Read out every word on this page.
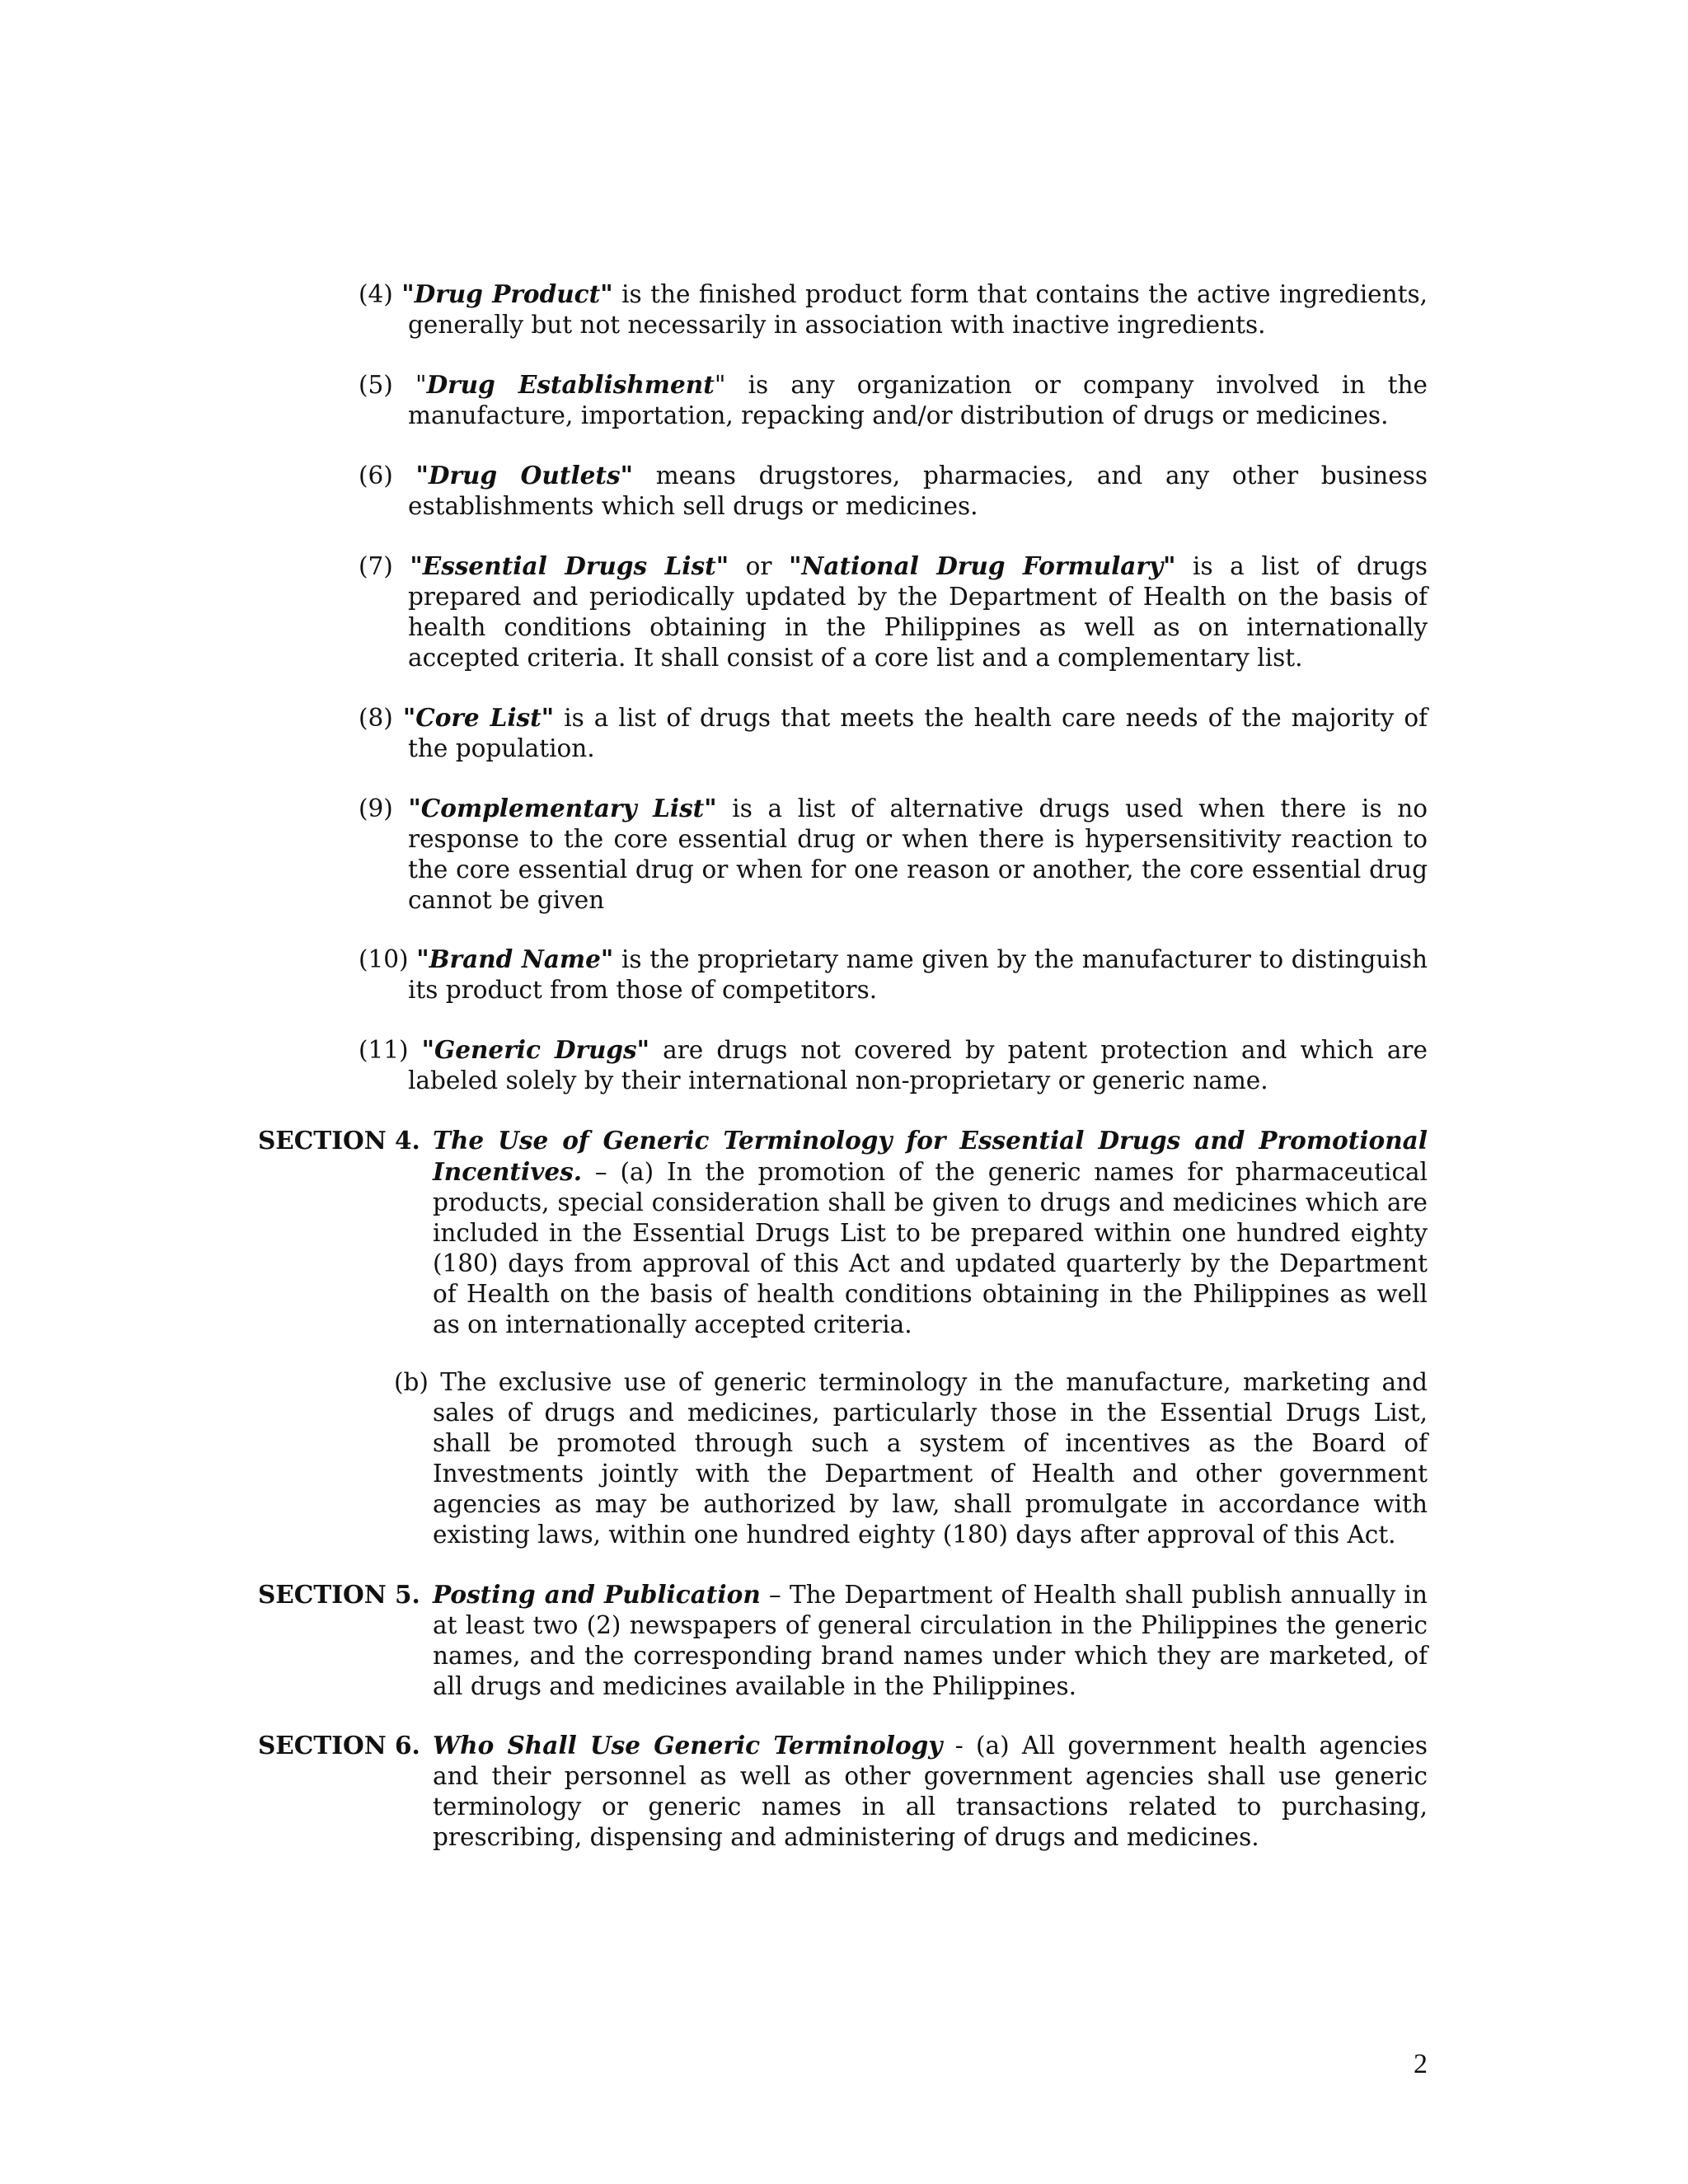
(4) "Drug Product" is the finished product form that contains the active ingredients, generally but not necessarily in association with inactive ingredients.
(5) "Drug Establishment" is any organization or company involved in the manufacture, importation, repacking and/or distribution of drugs or medicines.
(6) "Drug Outlets" means drugstores, pharmacies, and any other business establishments which sell drugs or medicines.
(7) "Essential Drugs List" or "National Drug Formulary" is a list of drugs prepared and periodically updated by the Department of Health on the basis of health conditions obtaining in the Philippines as well as on internationally accepted criteria. It shall consist of a core list and a complementary list.
(8) "Core List" is a list of drugs that meets the health care needs of the majority of the population.
(9) "Complementary List" is a list of alternative drugs used when there is no response to the core essential drug or when there is hypersensitivity reaction to the core essential drug or when for one reason or another, the core essential drug cannot be given
(10) "Brand Name" is the proprietary name given by the manufacturer to distinguish its product from those of competitors.
(11) "Generic Drugs" are drugs not covered by patent protection and which are labeled solely by their international non-proprietary or generic name.
SECTION 4. The Use of Generic Terminology for Essential Drugs and Promotional Incentives. – (a) In the promotion of the generic names for pharmaceutical products, special consideration shall be given to drugs and medicines which are included in the Essential Drugs List to be prepared within one hundred eighty (180) days from approval of this Act and updated quarterly by the Department of Health on the basis of health conditions obtaining in the Philippines as well as on internationally accepted criteria.
(b) The exclusive use of generic terminology in the manufacture, marketing and sales of drugs and medicines, particularly those in the Essential Drugs List, shall be promoted through such a system of incentives as the Board of Investments jointly with the Department of Health and other government agencies as may be authorized by law, shall promulgate in accordance with existing laws, within one hundred eighty (180) days after approval of this Act.
SECTION 5. Posting and Publication – The Department of Health shall publish annually in at least two (2) newspapers of general circulation in the Philippines the generic names, and the corresponding brand names under which they are marketed, of all drugs and medicines available in the Philippines.
SECTION 6. Who Shall Use Generic Terminology - (a) All government health agencies and their personnel as well as other government agencies shall use generic terminology or generic names in all transactions related to purchasing, prescribing, dispensing and administering of drugs and medicines.
2
